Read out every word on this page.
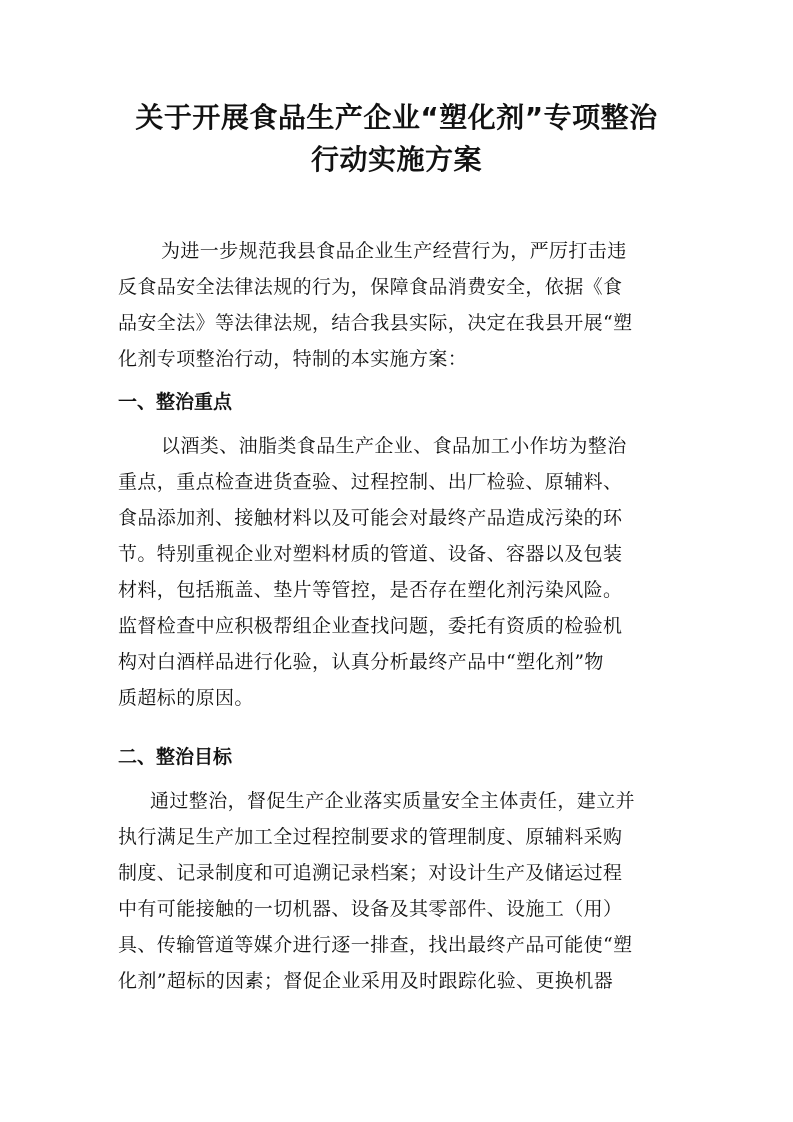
关于开展食品生产企业“塑化剂”专项整治
行动实施方案
为进一步规范我县食品企业生产经营行为，严厉打击违
反食品安全法律法规的行为，保障食品消费安全，依据《食
品安全法》等法律法规，结合我县实际，决定在我县开展“塑
化剂专项整治行动，特制的本实施方案：
一、整治重点
以酒类、油脂类食品生产企业、食品加工小作坊为整治
重点，重点检查进货查验、过程控制、出厂检验、原辅料、
食品添加剂、接触材料以及可能会对最终产品造成污染的环
节。特别重视企业对塑料材质的管道、设备、容器以及包装
材料，包括瓶盖、垫片等管控，是否存在塑化剂污染风险。
监督检查中应积极帮组企业查找问题，委托有资质的检验机
构对白酒样品进行化验，认真分析最终产品中“塑化剂”物
质超标的原因。
二、整治目标
通过整治，督促生产企业落实质量安全主体责任，建立并
执行满足生产加工全过程控制要求的管理制度、原辅料采购
制度、记录制度和可追溯记录档案；对设计生产及储运过程
中有可能接触的一切机器、设备及其零部件、设施工（用）
具、传输管道等媒介进行逐一排查，找出最终产品可能使“塑
化剂”超标的因素；督促企业采用及时跟踪化验、更换机器
